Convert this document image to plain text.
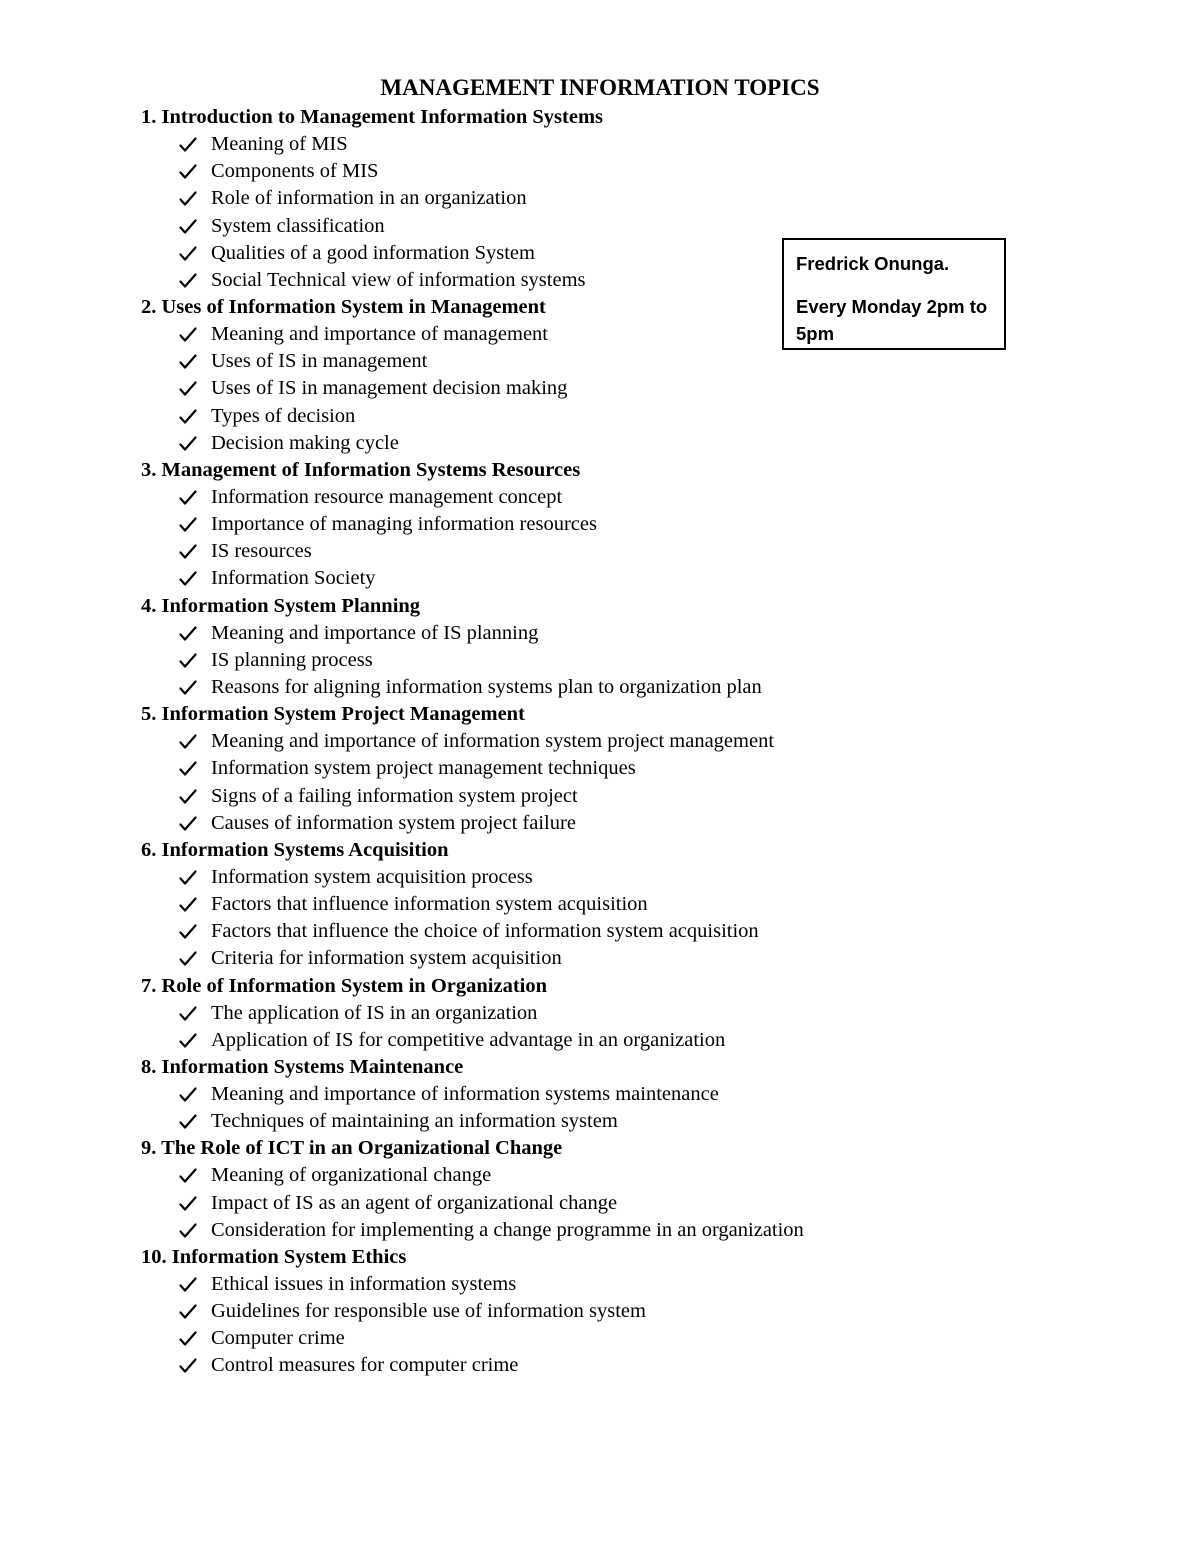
MANAGEMENT INFORMATION TOPICS
1. Introduction to Management Information Systems
Meaning of MIS
Components of MIS
Role of information in an organization
System classification
Qualities of a good information System
Social Technical view of information systems
2. Uses of Information System in Management
Meaning and importance of management
Uses of IS in management
Uses of IS in management decision making
Types of decision
Decision making cycle
3. Management of Information Systems Resources
Information resource management concept
Importance of managing information resources
IS resources
Information Society
4. Information System Planning
Meaning and importance of IS planning
IS planning process
Reasons for aligning information systems plan to organization plan
5. Information System Project Management
Meaning and importance of information system project management
Information system project management techniques
Signs of a failing information system project
Causes of information system project failure
6. Information Systems Acquisition
Information system acquisition process
Factors that influence information system acquisition
Factors that influence the choice of information system acquisition
Criteria for information system acquisition
7. Role of Information System in Organization
The application of IS in an organization
Application of IS for competitive advantage in an organization
8. Information Systems Maintenance
Meaning and importance of information systems maintenance
Techniques of maintaining an information system
9. The Role of ICT in an Organizational Change
Meaning of organizational change
Impact of IS as an agent of organizational change
Consideration for implementing a change programme in an organization
10. Information System Ethics
Ethical issues in information systems
Guidelines for responsible use of information system
Computer crime
Control measures for computer crime
Fredrick Onunga.
Every Monday 2pm to 5pm
